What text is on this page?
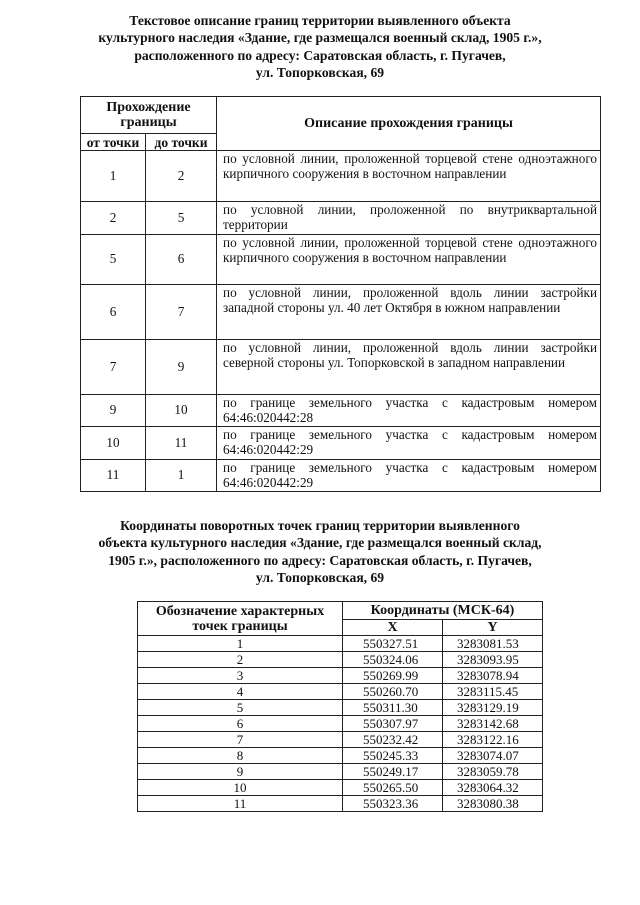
Текстовое описание границ территории выявленного объекта
культурного наследия «Здание, где размещался военный склад, 1905 г.»,
расположенного по адресу: Саратовская область, г. Пугачев,
ул. Топорковская, 69
Прохождение границы		Описание прохождения границы
от точки	до точки	
1	2	по условной линии, проложенной торцевой стене одноэтажного кирпичного сооружения в восточном направлении
2	5	по условной линии, проложенной по внутриквартальной территории
5	6	по условной линии, проложенной торцевой стене одноэтажного кирпичного сооружения в восточном направлении
6	7	по условной линии, проложенной вдоль линии застройки западной стороны ул. 40 лет Октября в южном направлении
7	9	по условной линии, проложенной вдоль линии застройки северной стороны ул. Топорковской в западном направлении
9	10	по границе земельного участка с кадастровым номером 64:46:020442:28
10	11	по границе земельного участка с кадастровым номером 64:46:020442:29
11	1	по границе земельного участка с кадастровым номером 64:46:020442:29
Координаты поворотных точек границ территории выявленного
объекта культурного наследия «Здание, где размещался военный склад,
1905 г.», расположенного по адресу: Саратовская область, г. Пугачев,
ул. Топорковская, 69
Обозначение характерных точек границы	Координаты (МСК-64)	
	X	Y
1	550327.51	3283081.53
2	550324.06	3283093.95
3	550269.99	3283078.94
4	550260.70	3283115.45
5	550311.30	3283129.19
6	550307.97	3283142.68
7	550232.42	3283122.16
8	550245.33	3283074.07
9	550249.17	3283059.78
10	550265.50	3283064.32
11	550323.36	3283080.38
